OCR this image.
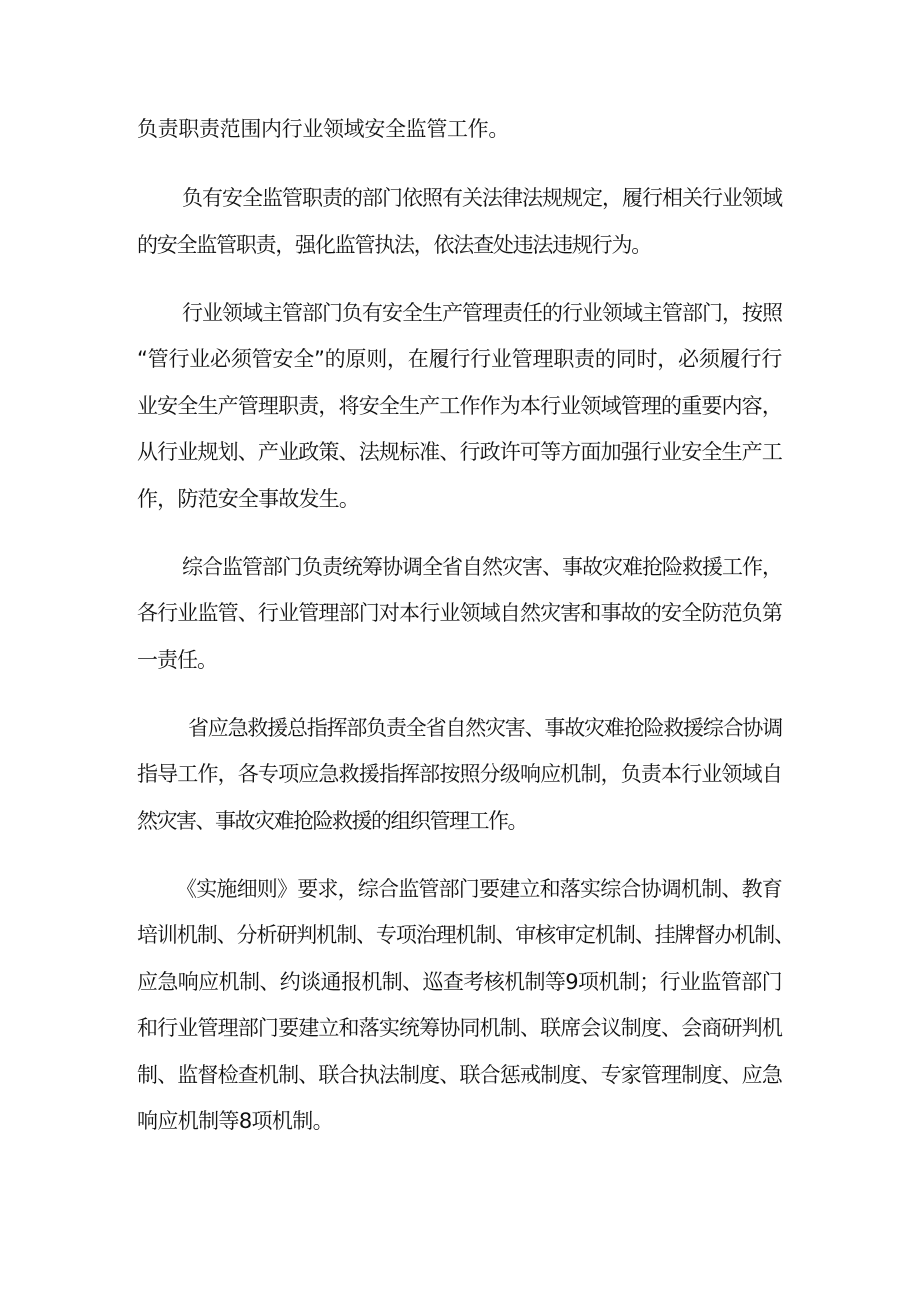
负责职责范围内行业领域安全监管工作。

负有安全监管职责的部门依照有关法律法规规定，履行相关行业领域

的安全监管职责，强化监管执法，依法查处违法违规行为。

行业领域主管部门负有安全生产管理责任的行业领域主管部门，按照

“管行业必须管安全”的原则，在履行行业管理职责的同时，必须履行行

业安全生产管理职责，将安全生产工作作为本行业领域管理的重要内容，

从行业规划、产业政策、法规标准、行政许可等方面加强行业安全生产工

作，防范安全事故发生。

综合监管部门负责统筹协调全省自然灾害、事故灾难抢险救援工作，

各行业监管、行业管理部门对本行业领域自然灾害和事故的安全防范负第

一责任。

省应急救援总指挥部负责全省自然灾害、事故灾难抢险救援综合协调

指导工作，各专项应急救援指挥部按照分级响应机制，负责本行业领域自

然灾害、事故灾难抢险救援的组织管理工作。

《实施细则》要求，综合监管部门要建立和落实综合协调机制、教育

培训机制、分析研判机制、专项治理机制、审核审定机制、挂牌督办机制、

应急响应机制、约谈通报机制、巡查考核机制等9项机制；行业监管部门

和行业管理部门要建立和落实统筹协同机制、联席会议制度、会商研判机

制、监督检查机制、联合执法制度、联合惩戒制度、专家管理制度、应急

响应机制等8项机制。
